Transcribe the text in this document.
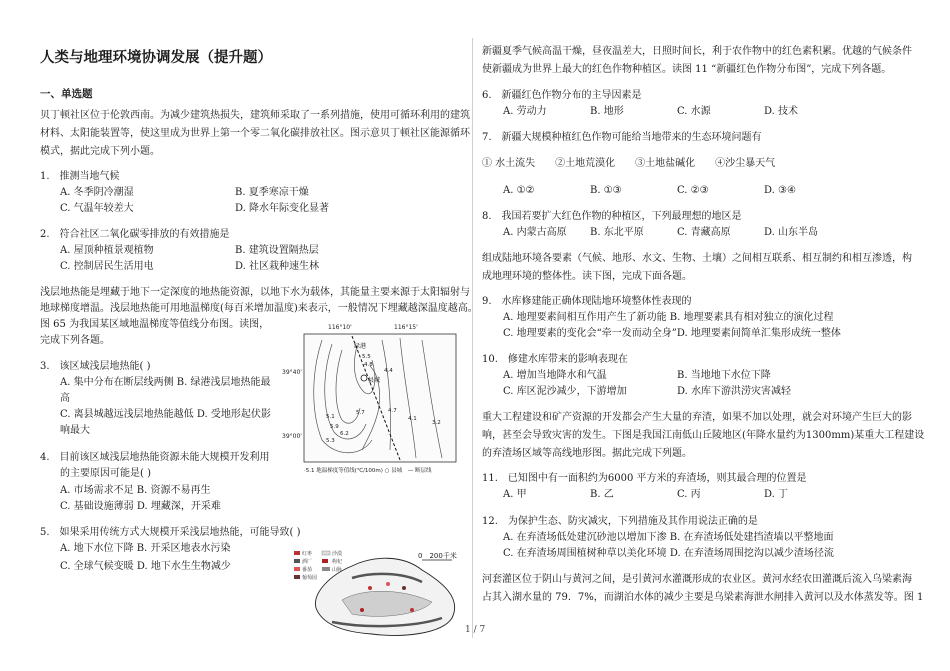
人类与地理环境协调发展（提升题）
一、单选题
贝丁顿社区位于伦敦西南。为减少建筑热损失，建筑师采取了一系列措施，使用可循环利用的建筑
材料、太阳能装置等，使这里成为世界上第一个零二氧化碳排放社区。图示意贝丁顿社区能源循环
模式，据此完成下列小题。
1.　推测当地气候
A. 冬季阴冷潮湿	B. 夏季寒凉干燥
C. 气温年较差大	D. 降水年际变化显著
2.　符合社区二氧化碳零排放的有效措施是
A. 屋顶种植景观植物	B. 建筑设置隔热层
C. 控制居民生活用电	D. 社区栽种速生林
浅层地热能是埋藏于地下一定深度的地热能资源，以地下水为载体，其能量主要来源于太阳辐射与
地球梯度增温。浅层地热能可用地温梯度(每百米增加温度)来表示，一般情况下埋藏越深温度越高。
图 65 为我国某区域地温梯度等值线分布图。读图，
完成下列各题。
3.　该区域浅层地热能( )
A. 集中分布在断层线两侧 B. 绿港浅层地热能最
高
C. 离县城越远浅层地热能越低 D. 受地形起伏影
响最大
4.　目前该区域浅层地热能资源未能大规模开发利用
的主要原因可能是( )
A. 市场需求不足 B. 资源不易再生
C. 基础设施薄弱 D. 埋藏深，开采难
5.　如果采用传统方式大规模开采浅层地热能，可能导致( )
A. 地下水位下降 B. 开采区地表水污染
C. 全球气候变暖 D. 地下水生生物减少
116°10'	116°15'
39°40'
39°00'
绿港
县城
5.5
4.8
4.4
5.1
5.3
5.9
6.2
4.7
4.1
3.2
5.7
·5.1 地温梯度等值线(℃/100m) ○ 县城　— 断层线
红枣
酒厂
番茄
葡萄园
沙漠
枸杞
山脉
0　200千米
新疆夏季气候高温干燥，昼夜温差大，日照时间长，利于农作物中的红色素积累。优越的气候条件
使新疆成为世界上最大的红色作物种植区。读图 11 “新疆红色作物分布图”，完成下列各题。
6.　新疆红色作物分布的主导因素是
A. 劳动力	B. 地形	C. 水源	D. 技术
7.　新疆大规模种植红色作物可能给当地带来的生态环境问题有
① 水土流失　　②土地荒漠化　　③土地盐碱化　　④沙尘暴天气
A. ①②	B. ①③	C. ②③	D. ③④
8.　我国若要扩大红色作物的种植区，下列最理想的地区是
A. 内蒙古高原 B. 东北平原	C. 青藏高原	D. 山东半岛
组成陆地环境各要素（气候、地形、水文、生物、土壤）之间相互联系、相互制约和相互渗透，构
成地理环境的整体性。读下图，完成下面各题。
9.　水库修建能正确体现陆地环境整体性表现的
A. 地理要素间相互作用产生了新功能 B. 地理要素具有相对独立的演化过程
C. 地理要素的变化会“牵一发而动全身”D. 地理要素间简单汇集形成统一整体
10.　修建水库带来的影响表现在
A. 增加当地降水和气温	B. 当地地下水位下降
C. 库区泥沙减少，下游增加	D. 水库下游洪涝灾害减轻
重大工程建设和矿产资源的开发都会产生大量的弃渣，如果不加以处理，就会对环境产生巨大的影
响，甚至会导致灾害的发生。下图是我国江南低山丘陵地区(年降水量约为1300mm)某重大工程建设
的弃渣场区域等高线地形图。据此完成下列题。
11.　已知图中有一面积约为6000 平方米的弃渣场，则其最合理的位置是
A. 甲	B. 乙	C. 丙	D. 丁
12.　为保护生态、防灾减灾，下列措施及其作用说法正确的是
A. 在弃渣场低处建沉砂池以增加下渗 B. 在弃渣场低处建挡渣墙以平整地面
C. 在弃渣场周围植树种草以美化环境 D. 在弃渣场周围挖沟以减少渣场径流
河套灌区位于阴山与黄河之间，是引黄河水灌溉形成的农业区。黄河水经农田灌溉后流入乌梁素海
占其入湖水量的 79．7%，而湖泊水体的减少主要是乌梁素海泄水闸排入黄河以及水体蒸发等。图 1
1 / 7
